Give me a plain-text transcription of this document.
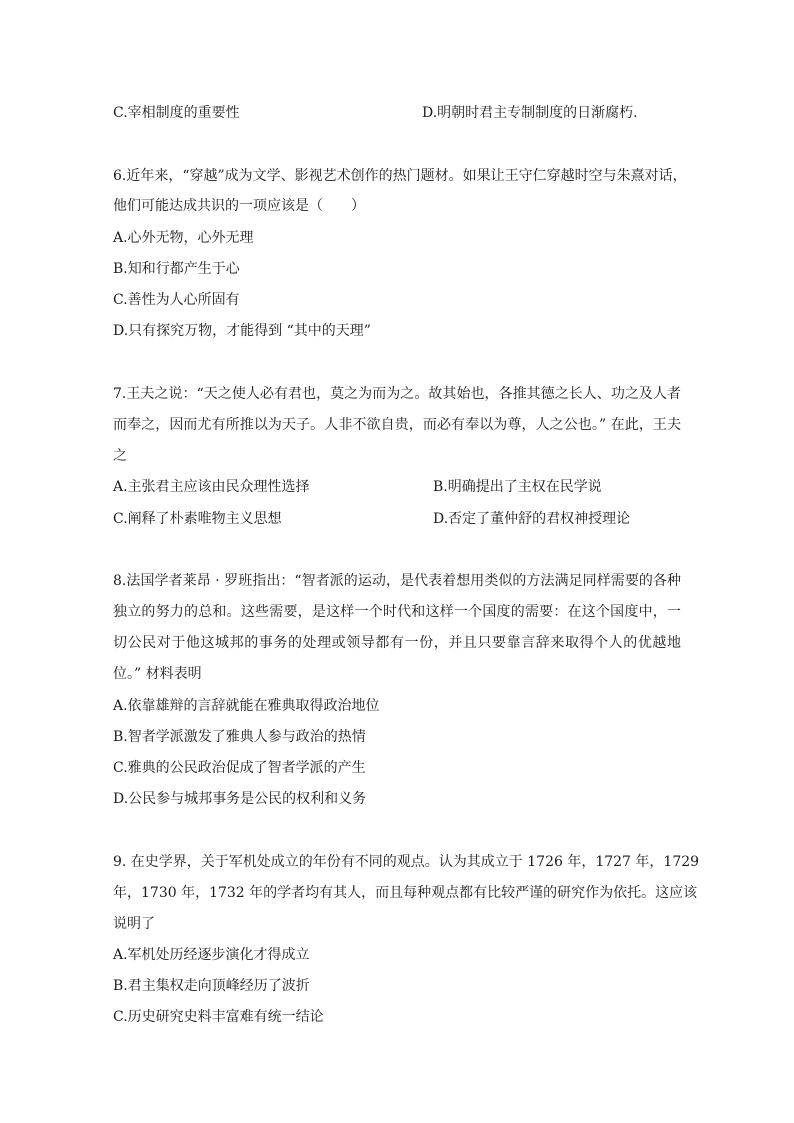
C.宰相制度的重要性	D.明朝时君主专制制度的日渐腐朽.
6.近年来，“穿越”成为文学、影视艺术创作的热门题材。如果让王守仁穿越时空与朱熹对话，
他们可能达成共识的一项应该是（　　）
A.心外无物，心外无理
B.知和行都产生于心
C.善性为人心所固有
D.只有探究万物，才能得到 “其中的天理”
7.王夫之说：“天之使人必有君也，莫之为而为之。故其始也，各推其德之长人、功之及人者
而奉之，因而尤有所推以为天子。人非不欲自贵，而必有奉以为尊，人之公也。” 在此，王夫
之
A.主张君主应该由民众理性选择	B.明确提出了主权在民学说
C.阐释了朴素唯物主义思想	D.否定了董仲舒的君权神授理论
8.法国学者莱昂 · 罗班指出：“智者派的运动，是代表着想用类似的方法满足同样需要的各种
独立的努力的总和。这些需要，是这样一个时代和这样一个国度的需要：在这个国度中，一
切公民对于他这城邦的事务的处理或领导都有一份，并且只要靠言辞来取得个人的优越地
位。” 材料表明
A.依靠雄辩的言辞就能在雅典取得政治地位
B.智者学派激发了雅典人参与政治的热情
C.雅典的公民政治促成了智者学派的产生
D.公民参与城邦事务是公民的权利和义务
9. 在史学界，关于军机处成立的年份有不同的观点。认为其成立于 1726 年，1727 年，1729
年，1730 年，1732 年的学者均有其人，而且每种观点都有比较严谨的研究作为依托。这应该
说明了
A.军机处历经逐步演化才得成立
B.君主集权走向顶峰经历了波折
C.历史研究史料丰富难有统一结论
